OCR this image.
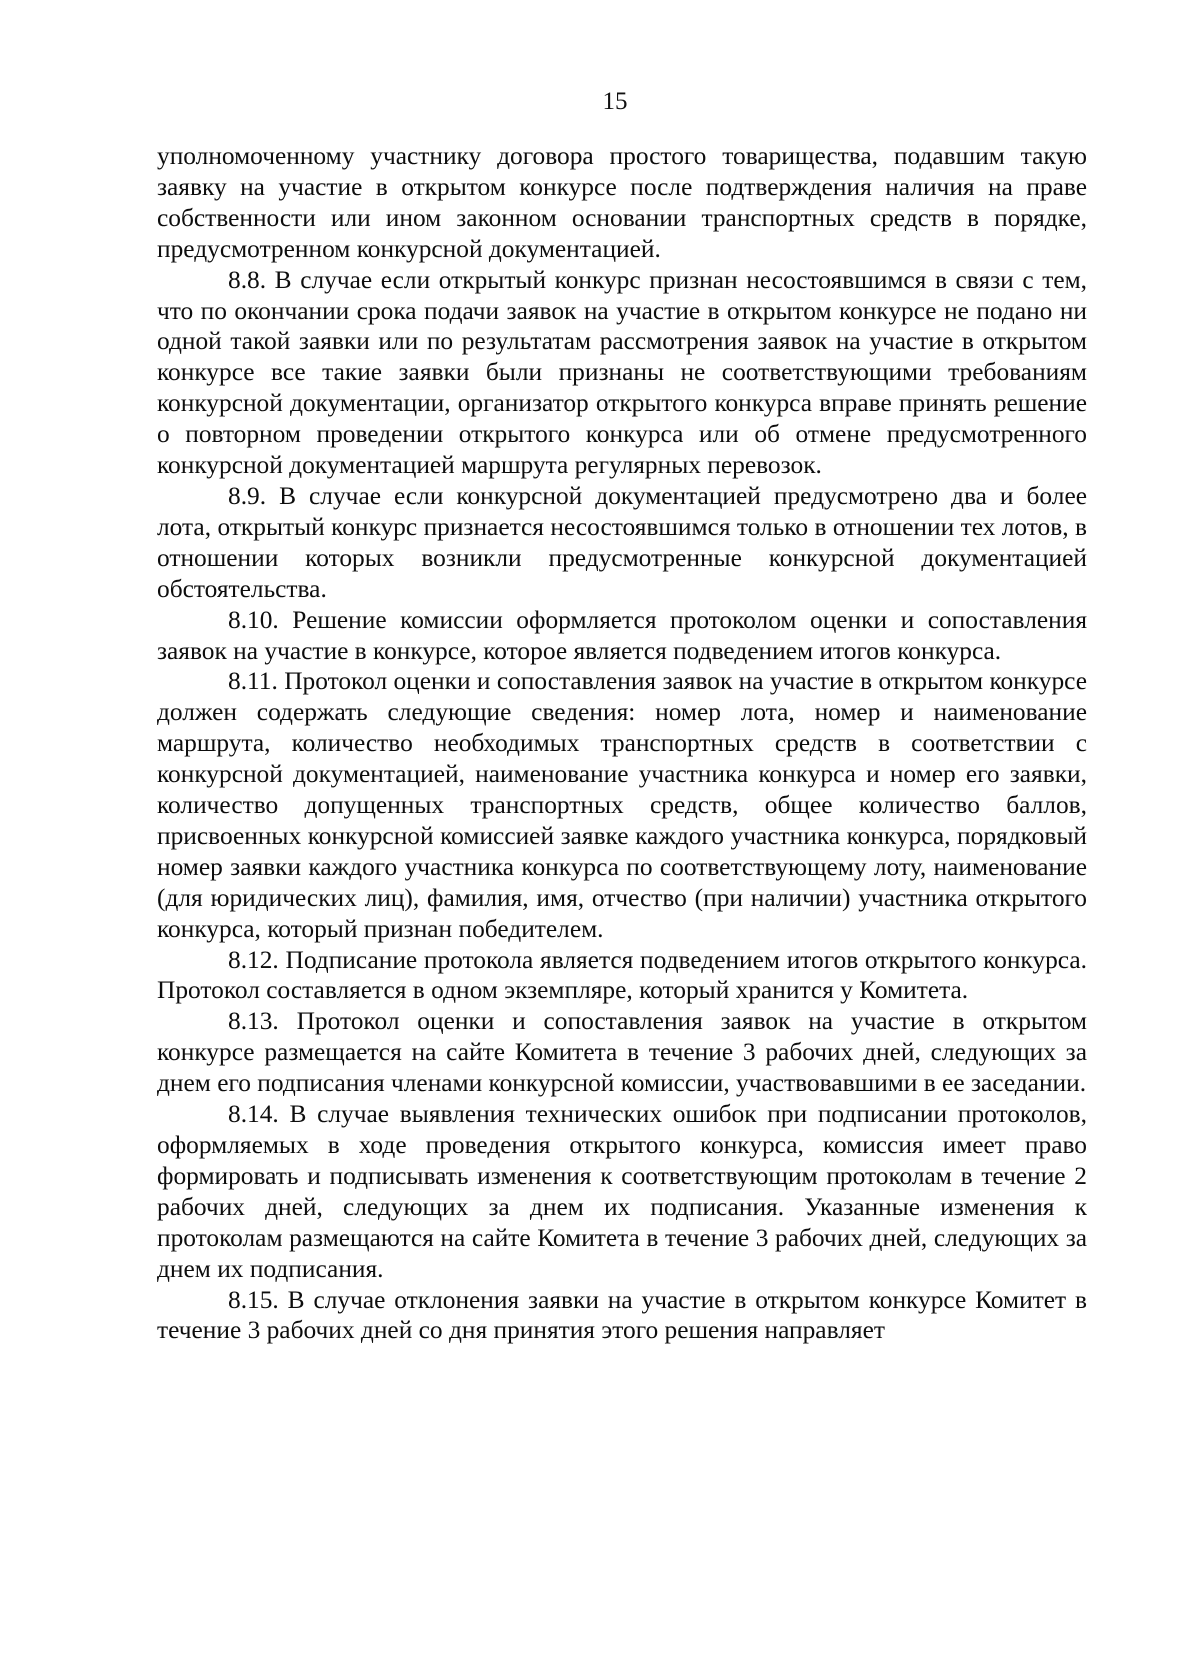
15

уполномоченному участнику договора простого товарищества, подавшим такую заявку на участие в открытом конкурсе после подтверждения наличия на праве собственности или ином законном основании транспортных средств в порядке, предусмотренном конкурсной документацией.

8.8. В случае если открытый конкурс признан несостоявшимся в связи с тем, что по окончании срока подачи заявок на участие в открытом конкурсе не подано ни одной такой заявки или по результатам рассмотрения заявок на участие в открытом конкурсе все такие заявки были признаны не соответствующими требованиям конкурсной документации, организатор открытого конкурса вправе принять решение о повторном проведении открытого конкурса или об отмене предусмотренного конкурсной документацией маршрута регулярных перевозок.

8.9. В случае если конкурсной документацией предусмотрено два и более лота, открытый конкурс признается несостоявшимся только в отношении тех лотов, в отношении которых возникли предусмотренные конкурсной документацией обстоятельства.

8.10. Решение комиссии оформляется протоколом оценки и сопоставления заявок на участие в конкурсе, которое является подведением итогов конкурса.

8.11. Протокол оценки и сопоставления заявок на участие в открытом конкурсе должен содержать следующие сведения: номер лота, номер и наименование маршрута, количество необходимых транспортных средств в соответствии с конкурсной документацией, наименование участника конкурса и номер его заявки, количество допущенных транспортных средств, общее количество баллов, присвоенных конкурсной комиссией заявке каждого участника конкурса, порядковый номер заявки каждого участника конкурса по соответствующему лоту, наименование (для юридических лиц), фамилия, имя, отчество (при наличии) участника открытого конкурса, который признан победителем.

8.12. Подписание протокола является подведением итогов открытого конкурса. Протокол составляется в одном экземпляре, который хранится у Комитета.

8.13. Протокол оценки и сопоставления заявок на участие в открытом конкурсе размещается на сайте Комитета в течение 3 рабочих дней, следующих за днем его подписания членами конкурсной комиссии, участвовавшими в ее заседании.

8.14. В случае выявления технических ошибок при подписании протоколов, оформляемых в ходе проведения открытого конкурса, комиссия имеет право формировать и подписывать изменения к соответствующим протоколам в течение 2 рабочих дней, следующих за днем их подписания. Указанные изменения к протоколам размещаются на сайте Комитета в течение 3 рабочих дней, следующих за днем их подписания.

8.15. В случае отклонения заявки на участие в открытом конкурсе Комитет в течение 3 рабочих дней со дня принятия этого решения направляет
